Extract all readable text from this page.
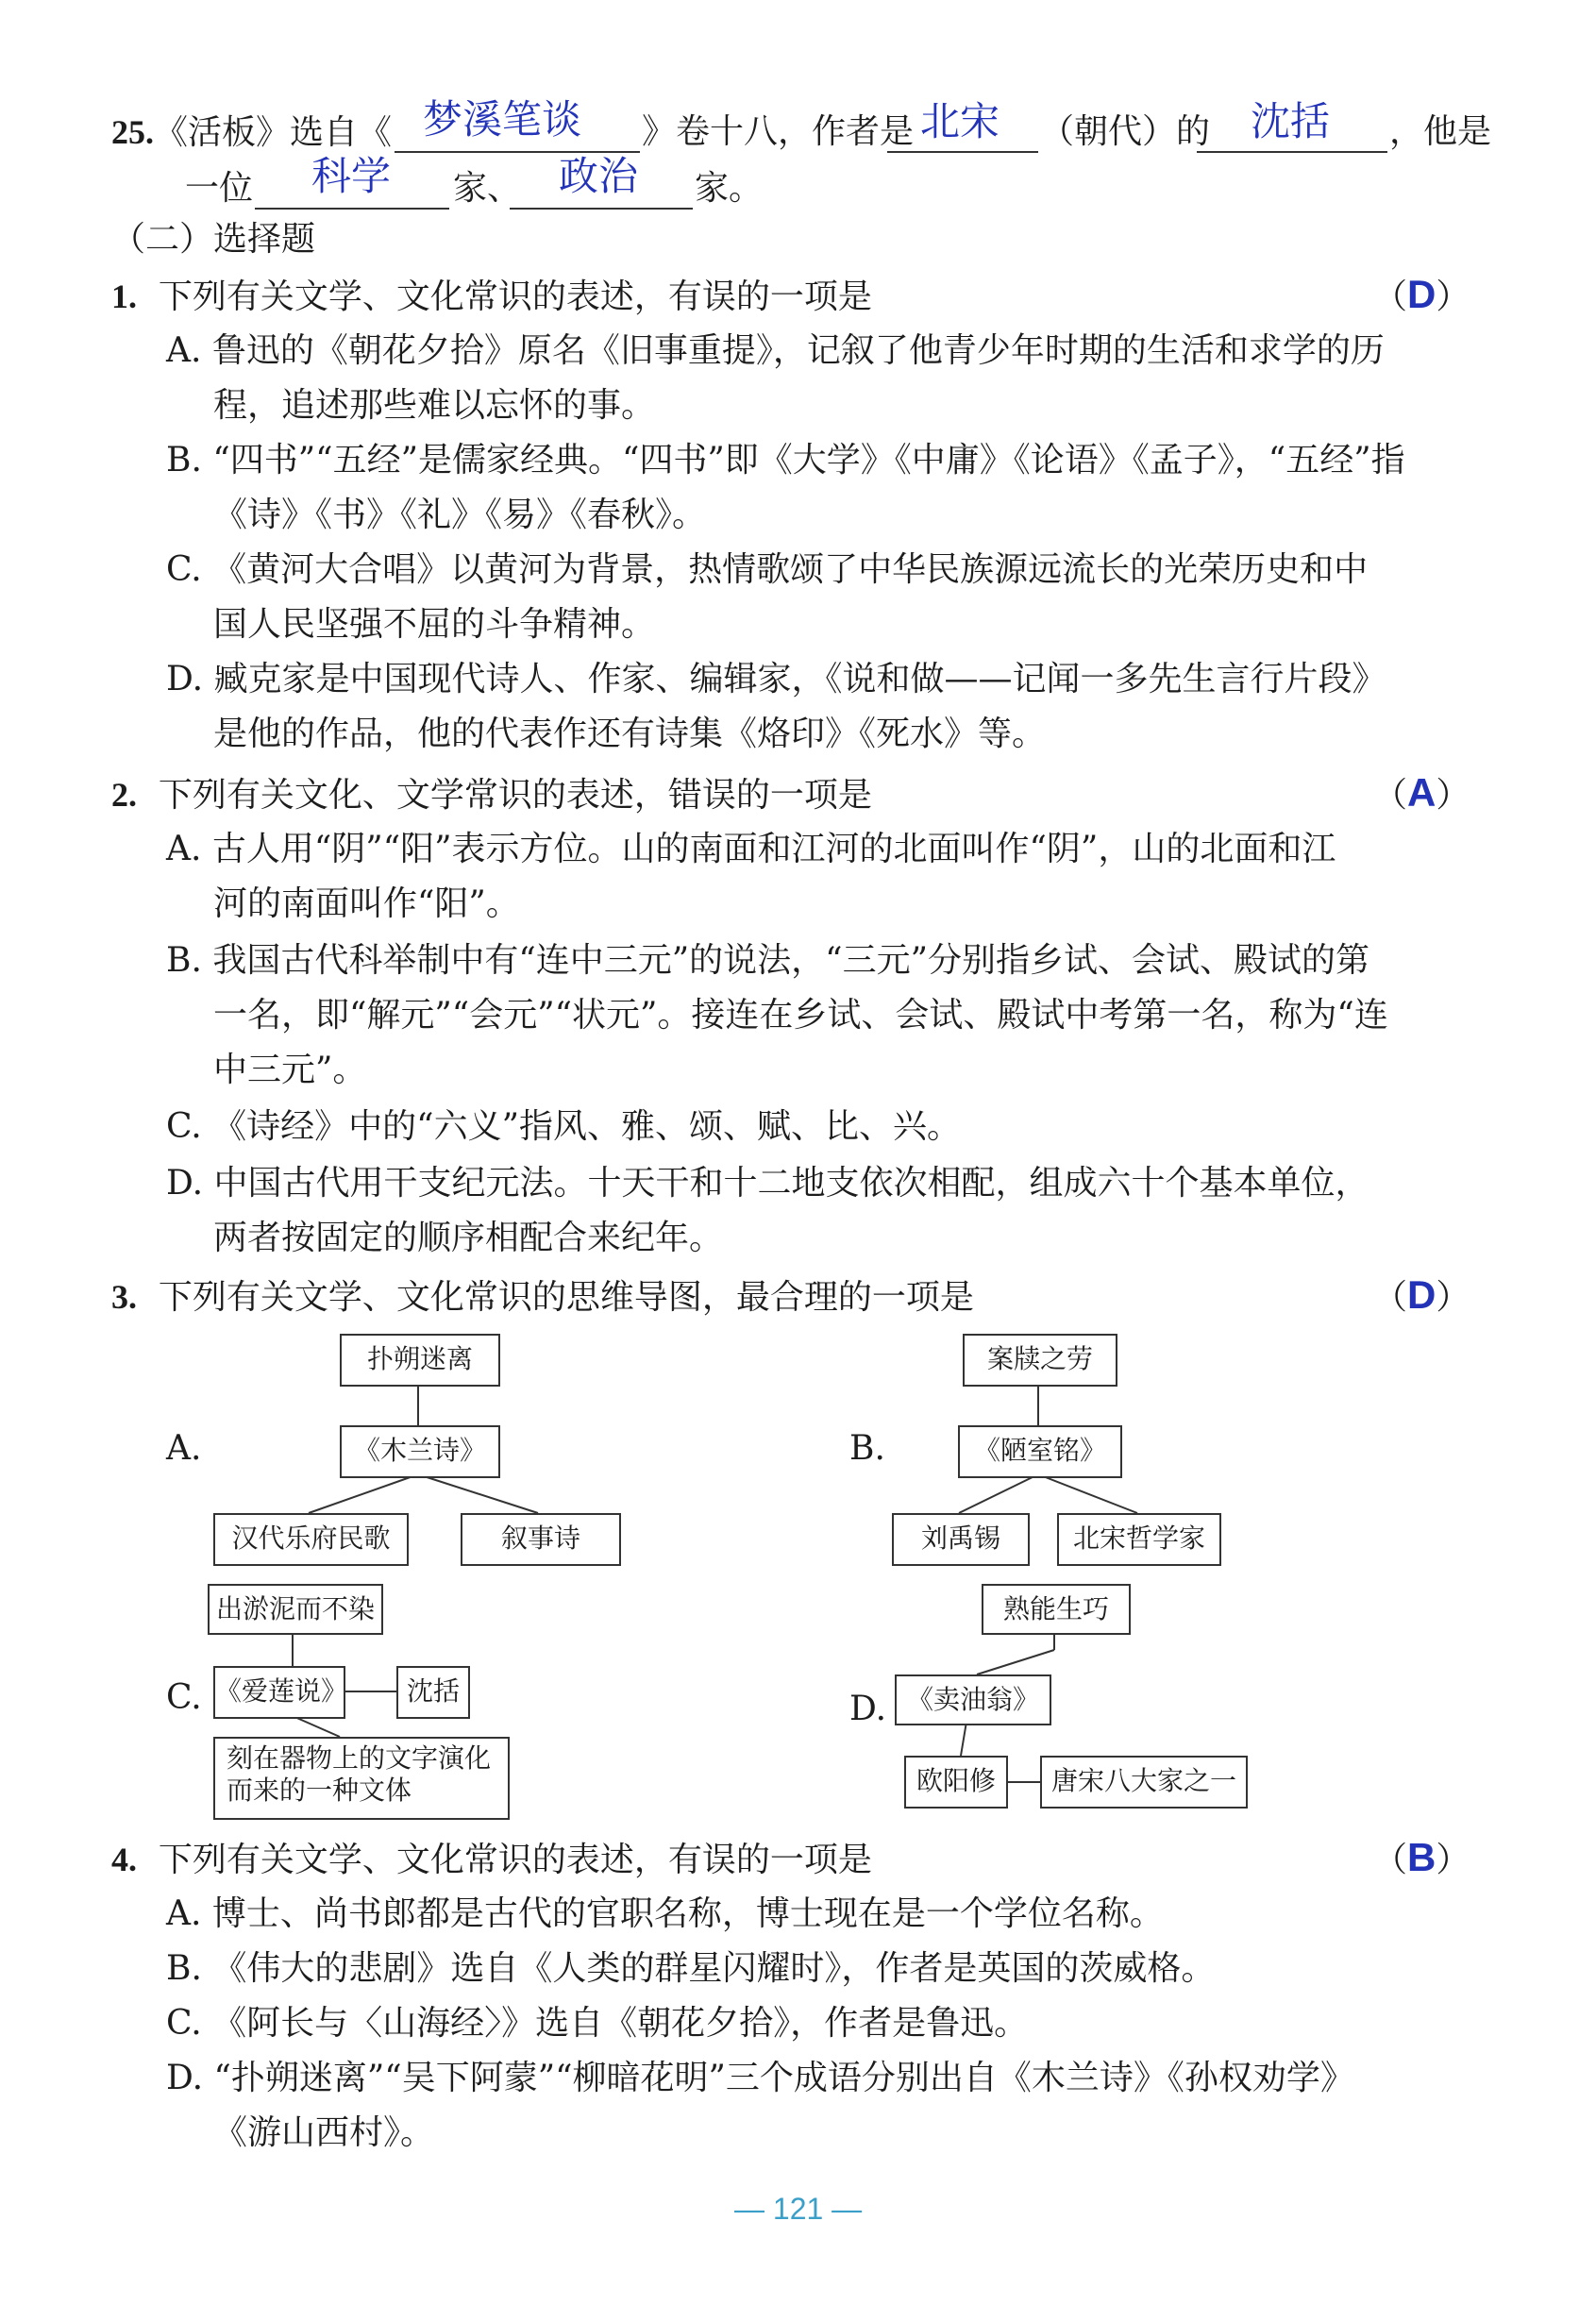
25.《活板》选自《 梦溪笔谈 》卷十八，作者是 北宋 （朝代）的 沈括 ，他是
一位 科学 家、 政治 家。
（二）选择题
1. 下列有关文学、文化常识的表述，有误的一项是	（D）
A. 鲁迅的《朝花夕拾》原名《旧事重提》，记叙了他青少年时期的生活和求学的历
程，追述那些难以忘怀的事。
B. “四书”“五经”是儒家经典。“四书”即《大学》《中庸》《论语》《孟子》，“五经”指
《诗》《书》《礼》《易》《春秋》。
C. 《黄河大合唱》以黄河为背景，热情歌颂了中华民族源远流长的光荣历史和中
国人民坚强不屈的斗争精神。
D. 臧克家是中国现代诗人、作家、编辑家，《说和做——记闻一多先生言行片段》
是他的作品，他的代表作还有诗集《烙印》《死水》等。
2. 下列有关文化、文学常识的表述，错误的一项是	（A）
A. 古人用“阴”“阳”表示方位。山的南面和江河的北面叫作“阴”，山的北面和江
河的南面叫作“阳”。
B. 我国古代科举制中有“连中三元”的说法，“三元”分别指乡试、会试、殿试的第
一名，即“解元”“会元”“状元”。接连在乡试、会试、殿试中考第一名，称为“连
中三元”。
C. 《诗经》中的“六义”指风、雅、颂、赋、比、兴。
D. 中国古代用干支纪元法。十天干和十二地支依次相配，组成六十个基本单位，
两者按固定的顺序相配合来纪年。
3. 下列有关文学、文化常识的思维导图，最合理的一项是	（D）
A.
扑朔迷离
《木兰诗》
汉代乐府民歌	叙事诗
B.
案牍之劳
《陋室铭》
刘禹锡	北宋哲学家
C.
出淤泥而不染
《爱莲说》	沈括
刻在器物上的文字演化而来的一种文体
D.
熟能生巧
《卖油翁》
欧阳修	唐宋八大家之一
4. 下列有关文学、文化常识的表述，有误的一项是	（B）
A. 博士、尚书郎都是古代的官职名称，博士现在是一个学位名称。
B. 《伟大的悲剧》选自《人类的群星闪耀时》，作者是英国的茨威格。
C. 《阿长与〈山海经〉》选自《朝花夕拾》，作者是鲁迅。
D. “扑朔迷离”“吴下阿蒙”“柳暗花明”三个成语分别出自《木兰诗》《孙权劝学》
《游山西村》。
— 121 —
